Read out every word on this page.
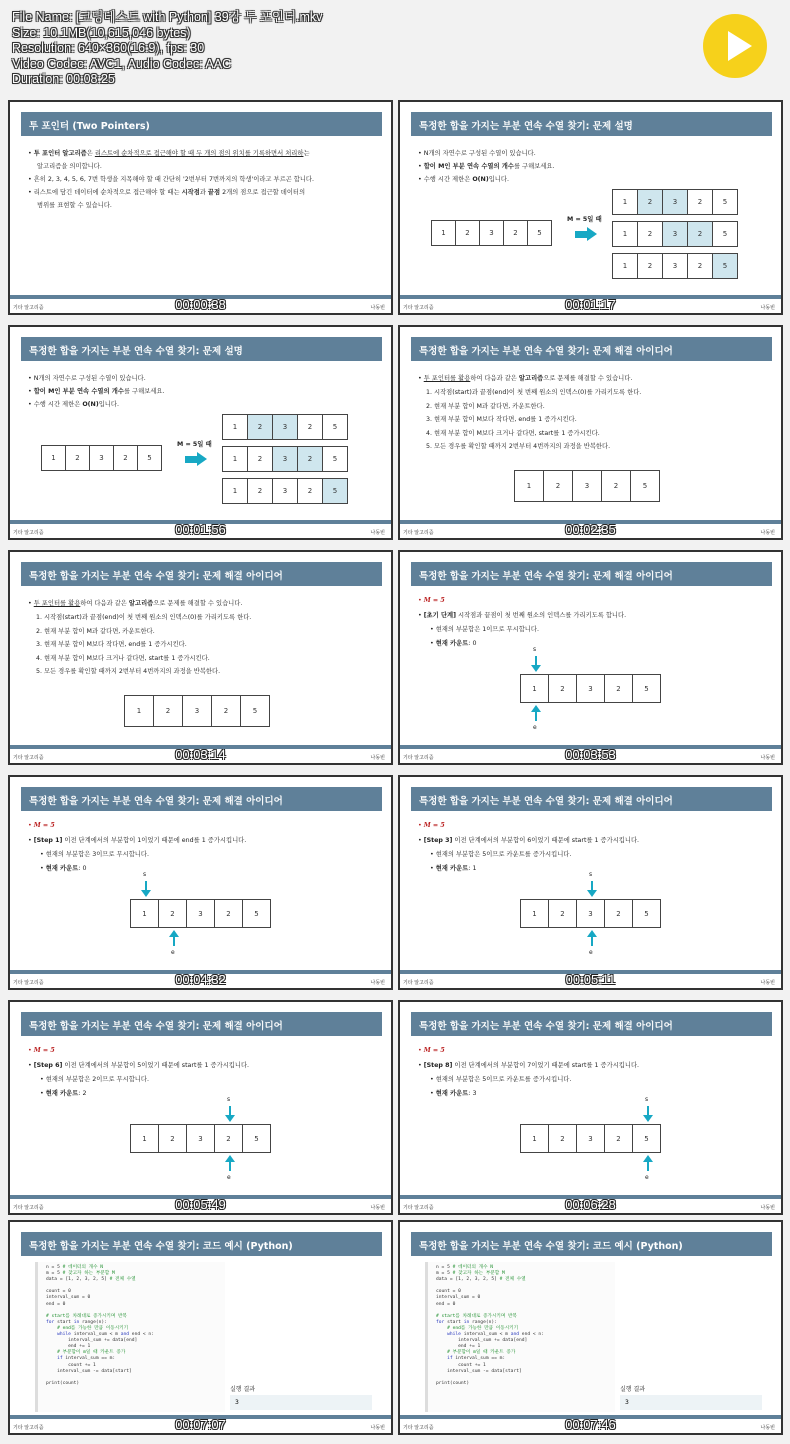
File Name: [코딩테스트 with Python] 39강 투 포인터.mkv
Size: 10.1MB(10,615,046 bytes)
Resolution: 640×360(16:9), fps: 30
Video Codec: AVC1, Audio Codec: AAC
Duration: 00:08:25
투 포인터 (Two Pointers)
• 투 포인터 알고리즘은 리스트에 순차적으로 접근해야 할 때 두 개의 점의 위치를 기록하면서 처리하는
알고리즘을 의미합니다.
• 흔히 2, 3, 4, 5, 6, 7번 학생을 지목해야 할 때 간단히 '2번부터 7번까지의 학생'이라고 부르곤 합니다.
• 리스트에 담긴 데이터에 순차적으로 접근해야 할 때는 시작점과 끝점 2개의 점으로 접근할 데이터의
범위를 표현할 수 있습니다.
기타 알고리즘	나동빈
00:00:38
특정한 합을 가지는 부분 연속 수열 찾기: 문제 설명
• N개의 자연수로 구성된 수열이 있습니다.
• 합이 M인 부분 연속 수열의 개수를 구해보세요.
• 수행 시간 제한은 O(N)입니다.
1	2	3	2	5
M = 5일 때
1	2	3	2	5
1	2	3	2	5
1	2	3	2	5
기타 알고리즘	나동빈
00:01:17
특정한 합을 가지는 부분 연속 수열 찾기: 문제 설명
• N개의 자연수로 구성된 수열이 있습니다.
• 합이 M인 부분 연속 수열의 개수를 구해보세요.
• 수행 시간 제한은 O(N)입니다.
1	2	3	2	5
M = 5일 때
1	2	3	2	5
1	2	3	2	5
1	2	3	2	5
기타 알고리즘	나동빈
00:01:56
특정한 합을 가지는 부분 연속 수열 찾기: 문제 해결 아이디어
• 투 포인터를 활용하여 다음과 같은 알고리즘으로 문제를 해결할 수 있습니다.
1. 시작점(start)과 끝점(end)이 첫 번째 원소의 인덱스(0)를 가리키도록 한다.
2. 현재 부분 합이 M과 같다면, 카운트한다.
3. 현재 부분 합이 M보다 작다면, end를 1 증가시킨다.
4. 현재 부분 합이 M보다 크거나 같다면, start를 1 증가시킨다.
5. 모든 경우를 확인할 때까지 2번부터 4번까지의 과정을 반복한다.
1	2	3	2	5
기타 알고리즘	나동빈
00:02:35
특정한 합을 가지는 부분 연속 수열 찾기: 문제 해결 아이디어
• 투 포인터를 활용하여 다음과 같은 알고리즘으로 문제를 해결할 수 있습니다.
1. 시작점(start)과 끝점(end)이 첫 번째 원소의 인덱스(0)를 가리키도록 한다.
2. 현재 부분 합이 M과 같다면, 카운트한다.
3. 현재 부분 합이 M보다 작다면, end를 1 증가시킨다.
4. 현재 부분 합이 M보다 크거나 같다면, start를 1 증가시킨다.
5. 모든 경우를 확인할 때까지 2번부터 4번까지의 과정을 반복한다.
1	2	3	2	5
기타 알고리즘	나동빈
00:03:14
특정한 합을 가지는 부분 연속 수열 찾기: 문제 해결 아이디어
• M = 5
• [초기 단계] 시작점과 끝점이 첫 번째 원소의 인덱스를 가리키도록 합니다.
• 현재의 부분합은 1이므로 무시합니다.
• 현재 카운트: 0
1	2	3	2	5
s
e
기타 알고리즘	나동빈
00:03:53
특정한 합을 가지는 부분 연속 수열 찾기: 문제 해결 아이디어
• M = 5
• [Step 1] 이전 단계에서의 부분합이 1이었기 때문에 end를 1 증가시킵니다.
• 현재의 부분합은 3이므로 무시합니다.
• 현재 카운트: 0
1	2	3	2	5
s
e
기타 알고리즘	나동빈
00:04:32
특정한 합을 가지는 부분 연속 수열 찾기: 문제 해결 아이디어
• M = 5
• [Step 3] 이전 단계에서의 부분합이 6이었기 때문에 start를 1 증가시킵니다.
• 현재의 부분합은 5이므로 카운트를 증가시킵니다.
• 현재 카운트: 1
1	2	3	2	5
s
e
기타 알고리즘	나동빈
00:05:11
특정한 합을 가지는 부분 연속 수열 찾기: 문제 해결 아이디어
• M = 5
• [Step 6] 이전 단계에서의 부분합이 5이었기 때문에 start를 1 증가시킵니다.
• 현재의 부분합은 2이므로 무시합니다.
• 현재 카운트: 2
1	2	3	2	5
s
e
기타 알고리즘	나동빈
00:05:49
특정한 합을 가지는 부분 연속 수열 찾기: 문제 해결 아이디어
• M = 5
• [Step 8] 이전 단계에서의 부분합이 7이었기 때문에 start를 1 증가시킵니다.
• 현재의 부분합은 5이므로 카운트를 증가시킵니다.
• 현재 카운트: 3
1	2	3	2	5
s
e
기타 알고리즘	나동빈
00:06:28
특정한 합을 가지는 부분 연속 수열 찾기: 코드 예시 (Python)
n = 5 # 데이터의 개수 N
m = 5 # 찾고자 하는 부분합 M
data = [1, 2, 3, 2, 5] # 전체 수열

count = 0
interval_sum = 0
end = 0

# start를 차례대로 증가시키며 반복
for start in range(n):
# end를 가능한 만큼 이동시키기
while interval_sum < m and end < n:
interval_sum += data[end]
end += 1
# 부분합이 m일 때 카운트 증가
if interval_sum == m:
count += 1
interval_sum -= data[start]

print(count)
실행 결과
3
기타 알고리즘	나동빈
00:07:07
특정한 합을 가지는 부분 연속 수열 찾기: 코드 예시 (Python)
n = 5 # 데이터의 개수 N
m = 5 # 찾고자 하는 부분합 M
data = [1, 2, 3, 2, 5] # 전체 수열

count = 0
interval_sum = 0
end = 0

# start를 차례대로 증가시키며 반복
for start in range(n):
# end를 가능한 만큼 이동시키기
while interval_sum < m and end < n:
interval_sum += data[end]
end += 1
# 부분합이 m일 때 카운트 증가
if interval_sum == m:
count += 1
interval_sum -= data[start]

print(count)
실행 결과
3
기타 알고리즘	나동빈
00:07:46
